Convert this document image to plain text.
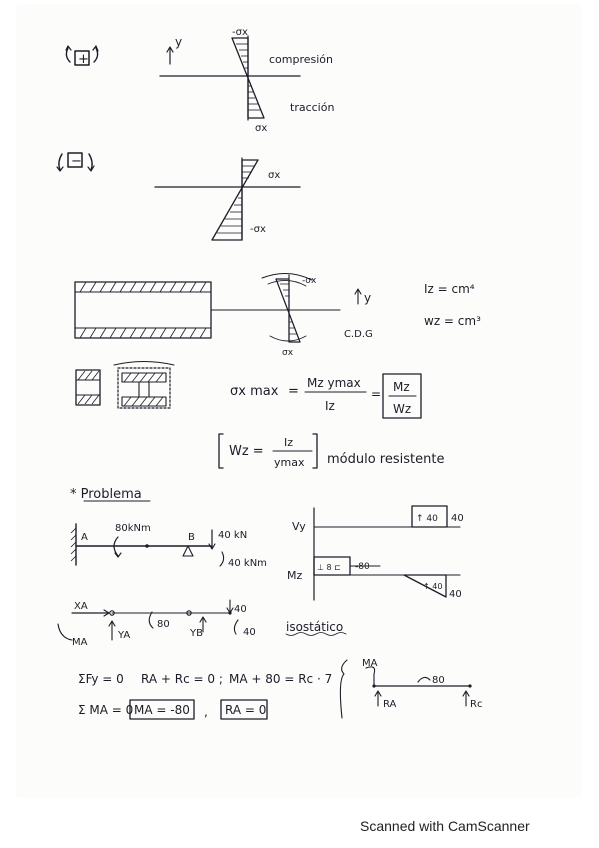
+
y
-σx
compresión
tracción
σx
−
σx
-σx
-σx
y
C.D.G
σx
Iz = cm⁴
wz = cm³
σx max =
Mz ymax
Iz
= Mz
Wz
Wz =
Iz
ymax módulo resistente
* Problema
A	B
80kNm
40 kN
40 kNm
Vy
↑ 40 40
Mz
⊥ 8 ⊏ -80
↑ 40
40
XA
MA
YA
80
YB
40
40	isostático
ΣFy = 0 RA + Rc = 0 ; MA + 80 = Rc · 7
Σ MA = 0 MA = -80 , RA = 0
MA
80
RA	Rc
Scanned with CamScanner
